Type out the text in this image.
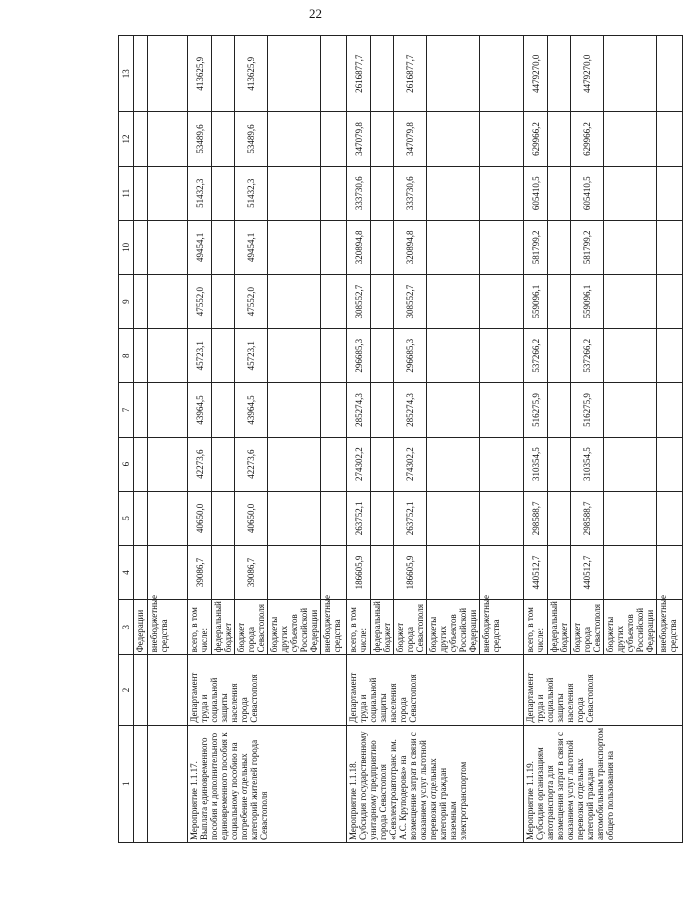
22
1	2	3	4	5	6	7	8	9	10	11	12	13
		Федерации										
		внебюджетные средства										
Мероприятие 1.1.17. Выплата единовременного пособия и дополнительного единовременного пособия к социальному пособию на погребение отдельных категорий жителей города Севастополя	Департамент труда и социальной защиты населения города Севастополя	всего, в том числе:	39086,7	40650,0	42273,6	43964,5	45723,1	47552,0	49454,1	51432,3	53489,6	413625,9
		федеральный бюджет										
		бюджет города Севастополя	39086,7	40650,0	42273,6	43964,5	45723,1	47552,0	49454,1	51432,3	53489,6	413625,9
		бюджеты других субъектов Российской Федерации										
		внебюджетные средства										
Мероприятие 1.1.18. Субсидия государственному унитарному предприятию города Севастополя «Севэлектроавтотранс им. А.С. Круподерова» на возмещение затрат в связи с оказанием услуг льготной перевозки отдельных категорий граждан наземным электротранспортом	Департамент труда и социальной защиты населения города Севастополя	всего, в том числе:	186605,9	263752,1	274302,2	285274,3	296685,3	308552,7	320894,8	333730,6	347079,8	2616877,7
		федеральный бюджет										
		бюджет города Севастополя	186605,9	263752,1	274302,2	285274,3	296685,3	308552,7	320894,8	333730,6	347079,8	2616877,7
		бюджеты других субъектов Российской Федерации										
		внебюджетные средства										
Мероприятие 1.1.19. Субсидия организациям автотранспорта для возмещения затрат в связи с оказанием услуг льготной перевозки отдельных категорий граждан автомобильным транспортом общего пользования на	Департамент труда и социальной защиты населения города Севастополя	всего, в том числе:	440512,7	298588,7	310354,5	516275,9	537266,2	559096,1	581799,2	605410,5	629966,2	4479270,0
		федеральный бюджет										
		бюджет города Севастополя	440512,7	298588,7	310354,5	516275,9	537266,2	559096,1	581799,2	605410,5	629966,2	4479270,0
		бюджеты других субъектов Российской Федерации										
		внебюджетные средства										
